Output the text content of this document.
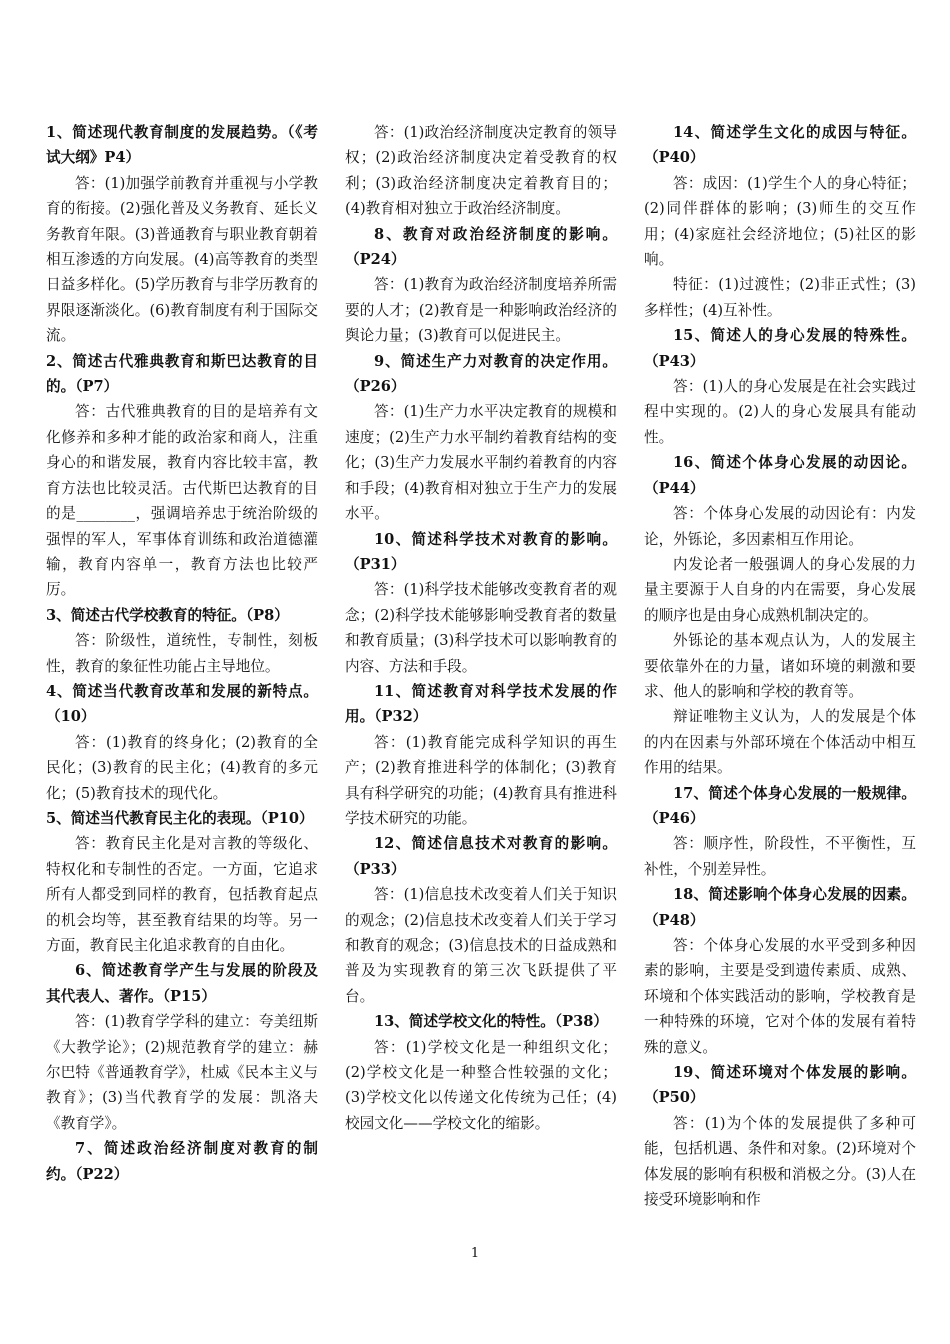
1、简述现代教育制度的发展趋势。（《考试大纲》P4）

答：(1)加强学前教育并重视与小学教育的衔接。(2)强化普及义务教育、延长义务教育年限。(3)普通教育与职业教育朝着相互渗透的方向发展。(4)高等教育的类型日益多样化。(5)学历教育与非学历教育的界限逐渐淡化。(6)教育制度有利于国际交流。

2、简述古代雅典教育和斯巴达教育的目的。（P7）

答：古代雅典教育的目的是培养有文化修养和多种才能的政治家和商人，注重身心的和谐发展，教育内容比较丰富，教育方法也比较灵活。古代斯巴达教育的目的是________，强调培养忠于统治阶级的强悍的军人，军事体育训练和政治道德灌输，教育内容单一，教育方法也比较严厉。

3、简述古代学校教育的特征。（P8）

答：阶级性，道统性，专制性，刻板性，教育的象征性功能占主导地位。

4、简述当代教育改革和发展的新特点。（10）

答：(1)教育的终身化；(2)教育的全民化；(3)教育的民主化；(4)教育的多元化；(5)教育技术的现代化。

5、简述当代教育民主化的表现。（P10）

答：教育民主化是对言教的等级化、特权化和专制性的否定。一方面，它追求所有人都受到同样的教育，包括教育起点的机会均等，甚至教育结果的均等。另一方面，教育民主化追求教育的自由化。

6、简述教育学产生与发展的阶段及其代表人、著作。（P15）

答：(1)教育学学科的建立：夸美纽斯《大教学论》；(2)规范教育学的建立：赫尔巴特《普通教育学》，杜威《民本主义与教育》；(3)当代教育学的发展：凯洛夫《教育学》。

7、简述政治经济制度对教育的制约。（P22）

答：(1)政治经济制度决定教育的领导权；(2)政治经济制度决定着受教育的权利；(3)政治经济制度决定着教育目的；(4)教育相对独立于政治经济制度。

8、教育对政治经济制度的影响。（P24）

答：(1)教育为政治经济制度培养所需要的人才；(2)教育是一种影响政治经济的舆论力量；(3)教育可以促进民主。

9、简述生产力对教育的决定作用。（P26）

答：(1)生产力水平决定教育的规模和速度；(2)生产力水平制约着教育结构的变化；(3)生产力发展水平制约着教育的内容和手段；(4)教育相对独立于生产力的发展水平。

10、简述科学技术对教育的影响。（P31）

答：(1)科学技术能够改变教育者的观念；(2)科学技术能够影响受教育者的数量和教育质量；(3)科学技术可以影响教育的内容、方法和手段。

11、简述教育对科学技术发展的作用。（P32）

答：(1)教育能完成科学知识的再生产；(2)教育推进科学的体制化；(3)教育具有科学研究的功能；(4)教育具有推进科学技术研究的功能。

12、简述信息技术对教育的影响。（P33）

答：(1)信息技术改变着人们关于知识的观念；(2)信息技术改变着人们关于学习和教育的观念；(3)信息技术的日益成熟和普及为实现教育的第三次飞跃提供了平台。

13、简述学校文化的特性。（P38）

答：(1)学校文化是一种组织文化；(2)学校文化是一种整合性较强的文化；(3)学校文化以传递文化传统为己任；(4)校园文化——学校文化的缩影。

14、简述学生文化的成因与特征。（P40）

答：成因：(1)学生个人的身心特征；(2)同伴群体的影响；(3)师生的交互作用；(4)家庭社会经济地位；(5)社区的影响。

特征：(1)过渡性；(2)非正式性；(3)多样性；(4)互补性。

15、简述人的身心发展的特殊性。（P43）

答：(1)人的身心发展是在社会实践过程中实现的。(2)人的身心发展具有能动性。

16、简述个体身心发展的动因论。（P44）

答：个体身心发展的动因论有：内发论，外铄论，多因素相互作用论。

内发论者一般强调人的身心发展的力量主要源于人自身的内在需要，身心发展的顺序也是由身心成熟机制决定的。

外铄论的基本观点认为，人的发展主要依靠外在的力量，诸如环境的刺激和要求、他人的影响和学校的教育等。

辩证唯物主义认为，人的发展是个体的内在因素与外部环境在个体活动中相互作用的结果。

17、简述个体身心发展的一般规律。（P46）

答：顺序性，阶段性，不平衡性，互补性，个别差异性。

18、简述影响个体身心发展的因素。（P48）

答：个体身心发展的水平受到多种因素的影响，主要是受到遗传素质、成熟、环境和个体实践活动的影响，学校教育是一种特殊的环境，它对个体的发展有着特殊的意义。

19、简述环境对个体发展的影响。（P50）

答：(1)为个体的发展提供了多种可能，包括机遇、条件和对象。(2)环境对个体发展的影响有积极和消极之分。(3)人在接受环境影响和作

1
